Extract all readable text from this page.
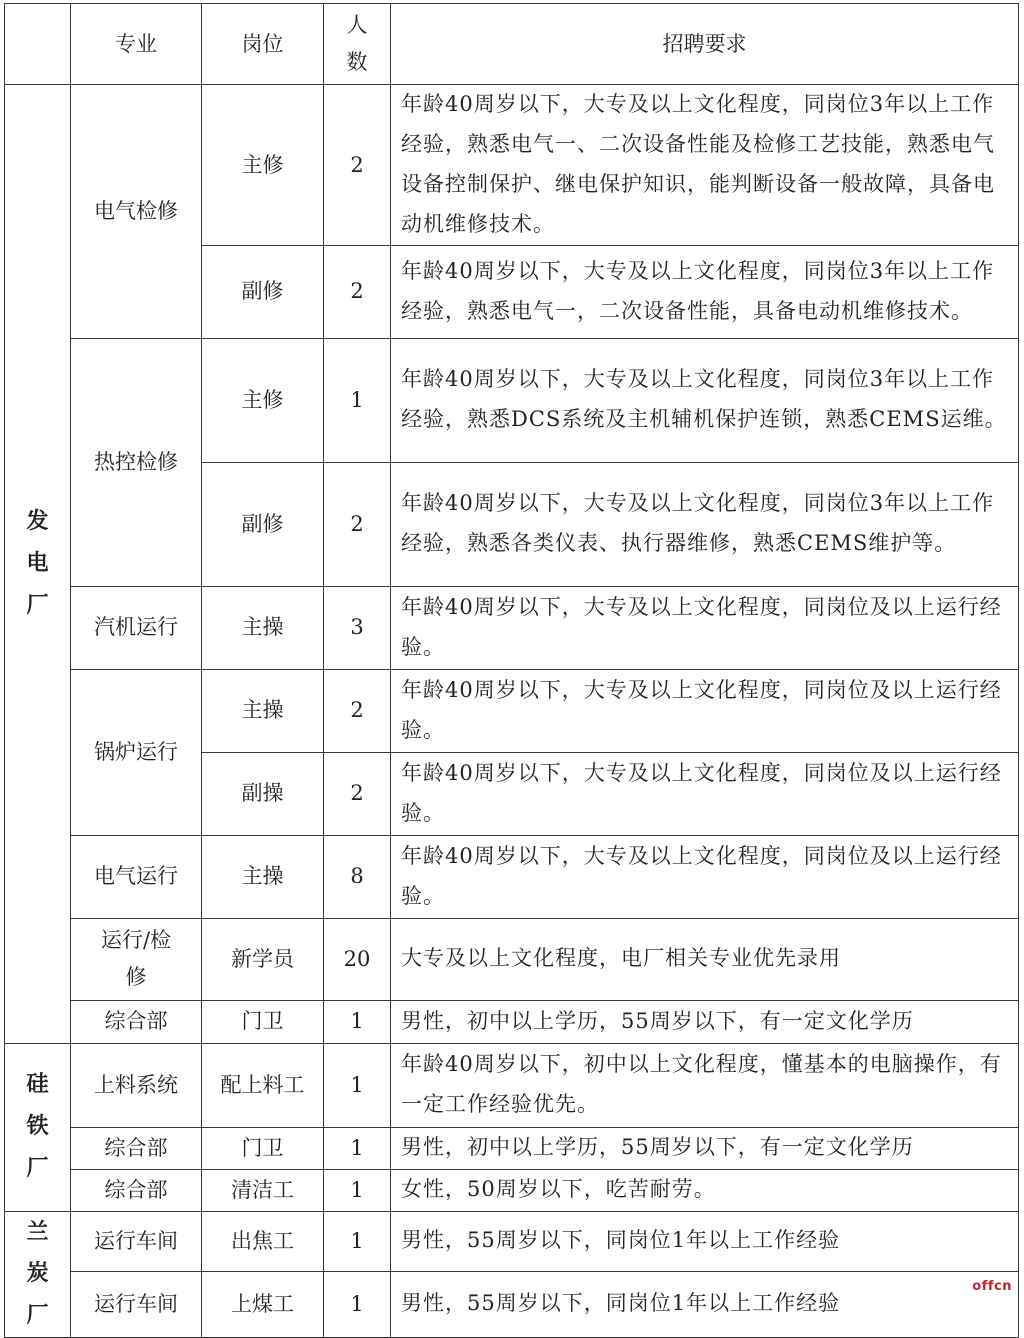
	专业	岗位	人数	招聘要求
发电厂	电气检修	主修	2	年龄40周岁以下，大专及以上文化程度，同岗位3年以上工作经验，熟悉电气一、二次设备性能及检修工艺技能，熟悉电气设备控制保护、继电保护知识，能判断设备一般故障，具备电动机维修技术。
		副修	2	年龄40周岁以下，大专及以上文化程度，同岗位3年以上工作经验，熟悉电气一，二次设备性能，具备电动机维修技术。
	热控检修	主修	1	年龄40周岁以下，大专及以上文化程度，同岗位3年以上工作经验，熟悉DCS系统及主机辅机保护连锁，熟悉CEMS运维。
		副修	2	年龄40周岁以下，大专及以上文化程度，同岗位3年以上工作经验，熟悉各类仪表、执行器维修，熟悉CEMS维护等。
	汽机运行	主操	3	年龄40周岁以下，大专及以上文化程度，同岗位及以上运行经验。
	锅炉运行	主操	2	年龄40周岁以下，大专及以上文化程度，同岗位及以上运行经验。
		副操	2	年龄40周岁以下，大专及以上文化程度，同岗位及以上运行经验。
	电气运行	主操	8	年龄40周岁以下，大专及以上文化程度，同岗位及以上运行经验。
	运行/检修	新学员	20	大专及以上文化程度，电厂相关专业优先录用
	综合部	门卫	1	男性，初中以上学历，55周岁以下，有一定文化学历
硅铁厂	上料系统	配上料工	1	年龄40周岁以下，初中以上文化程度，懂基本的电脑操作，有一定工作经验优先。
	综合部	门卫	1	男性，初中以上学历，55周岁以下，有一定文化学历
	综合部	清洁工	1	女性，50周岁以下，吃苦耐劳。
兰炭厂	运行车间	出焦工	1	男性，55周岁以下，同岗位1年以上工作经验
	运行车间	上煤工	1	男性，55周岁以下，同岗位1年以上工作经验
offcn
